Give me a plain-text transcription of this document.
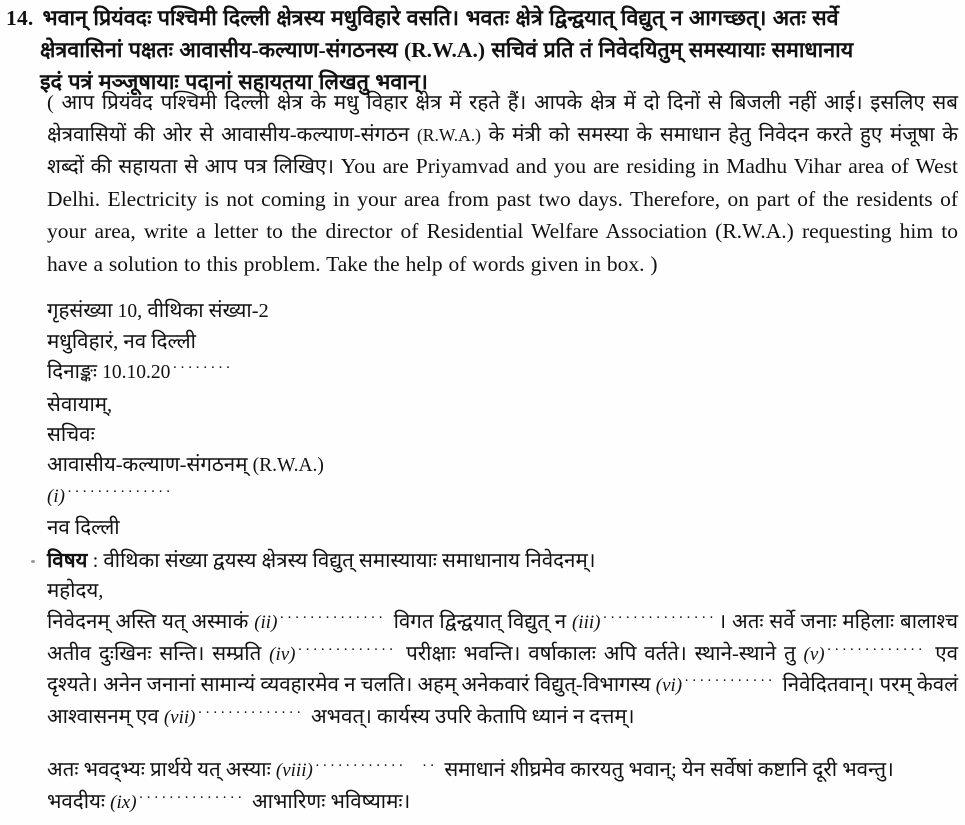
14. भवान् प्रियंवदः पश्चिमी दिल्ली क्षेत्रस्य मधुविहारे वसति। भवतः क्षेत्रे द्विन्द्वयात् विद्युत् न आगच्छत्। अतः सर्वे
क्षेत्रवासिनां पक्षतः आवासीय-कल्याण-संगठनस्य (R.W.A.) सचिवं प्रति तं निवेदयितुम् समस्यायाः समाधानाय
इदं पत्रं मञ्जूषायाः पदानां सहायतया लिखतु भवान्।
( आप प्रियंवद पश्चिमी दिल्ली क्षेत्र के मधु विहार क्षेत्र में रहते हैं। आपके क्षेत्र में दो दिनों से बिजली नहीं आई। इसलिए सब क्षेत्रवासियों की ओर से आवासीय-कल्याण-संगठन (R.W.A.) के मंत्री को समस्या के समाधान हेतु निवेदन करते हुए मंजूषा के शब्दों की सहायता से आप पत्र लिखिए। You are Priyamvad and you are residing in Madhu Vihar area of West Delhi. Electricity is not coming in your area from past two days. Therefore, on part of the residents of your area, write a letter to the director of Residential Welfare Association (R.W.A.) requesting him to have a solution to this problem. Take the help of words given in box. )
गृहसंख्या 10, वीथिका संख्या-2
मधुविहारं, नव दिल्ली
दिनाङ्कः 10.10.20 ········
सेवायाम्,
सचिवः
आवासीय-कल्याण-संगठनम् (R.W.A.)
(i) ··············
नव दिल्ली
विषय : वीथिका संख्या द्वयस्य क्षेत्रस्य विद्युत् समास्यायाः समाधानाय निवेदनम्।
महोदय,
निवेदनम् अस्ति यत् अस्माकं (ii) ·············· विगत द्विन्द्वयात् विद्युत् न (iii) ···············। अतः सर्वे जनाः महिलाः बालाश्च अतीव दुःखिनः सन्ति। सम्प्रति (iv) ············· परीक्षाः भवन्ति। वर्षाकालः अपि वर्तते। स्थाने-स्थाने तु (v) ············· एव दृश्यते। अनेन जनानां सामान्यं व्यवहारमेव न चलति। अहम् अनेकवारं विद्युत्-विभागस्य (vi) ············ निवेदितवान्। परम् केवलं आश्वासनम् एव (vii) ·············· अभवत्। कार्यस्य उपरि केतापि ध्यानं न दत्तम्।
अतः भवद्भ्यः प्रार्थये यत् अस्याः (viii) ············ ·· समाधानं शीघ्रमेव कारयतु भवान्; येन सर्वेषां कष्टानि दूरी भवन्तु।
भवदीयः (ix) ·············· आभारिणः भविष्यामः।
